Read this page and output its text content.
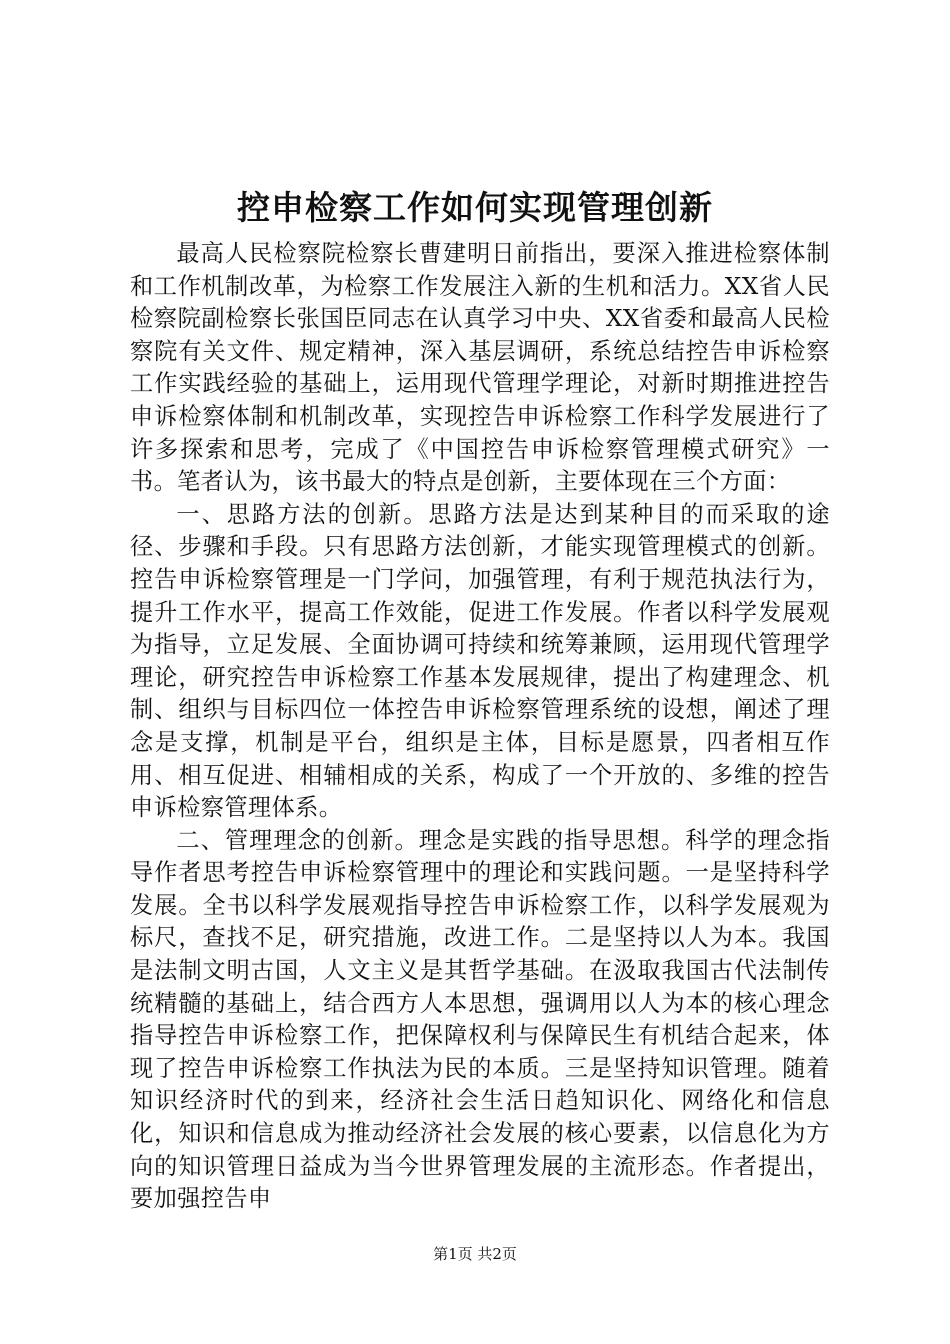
控申检察工作如何实现管理创新

最高人民检察院检察长曹建明日前指出，要深入推进检察体制和工作机制改革，为检察工作发展注入新的生机和活力。XX省人民检察院副检察长张国臣同志在认真学习中央、XX省委和最高人民检察院有关文件、规定精神，深入基层调研，系统总结控告申诉检察工作实践经验的基础上，运用现代管理学理论，对新时期推进控告申诉检察体制和机制改革，实现控告申诉检察工作科学发展进行了许多探索和思考，完成了《中国控告申诉检察管理模式研究》一书。笔者认为，该书最大的特点是创新，主要体现在三个方面：

一、思路方法的创新。思路方法是达到某种目的而采取的途径、步骤和手段。只有思路方法创新，才能实现管理模式的创新。控告申诉检察管理是一门学问，加强管理，有利于规范执法行为，提升工作水平，提高工作效能，促进工作发展。作者以科学发展观为指导，立足发展、全面协调可持续和统筹兼顾，运用现代管理学理论，研究控告申诉检察工作基本发展规律，提出了构建理念、机制、组织与目标四位一体控告申诉检察管理系统的设想，阐述了理念是支撑，机制是平台，组织是主体，目标是愿景，四者相互作用、相互促进、相辅相成的关系，构成了一个开放的、多维的控告申诉检察管理体系。

二、管理理念的创新。理念是实践的指导思想。科学的理念指导作者思考控告申诉检察管理中的理论和实践问题。一是坚持科学发展。全书以科学发展观指导控告申诉检察工作，以科学发展观为标尺，查找不足，研究措施，改进工作。二是坚持以人为本。我国是法制文明古国，人文主义是其哲学基础。在汲取我国古代法制传统精髓的基础上，结合西方人本思想，强调用以人为本的核心理念指导控告申诉检察工作，把保障权利与保障民生有机结合起来，体现了控告申诉检察工作执法为民的本质。三是坚持知识管理。随着知识经济时代的到来，经济社会生活日趋知识化、网络化和信息化，知识和信息成为推动经济社会发展的核心要素，以信息化为方向的知识管理日益成为当今世界管理发展的主流形态。作者提出，要加强控告申

第1页 共2页
